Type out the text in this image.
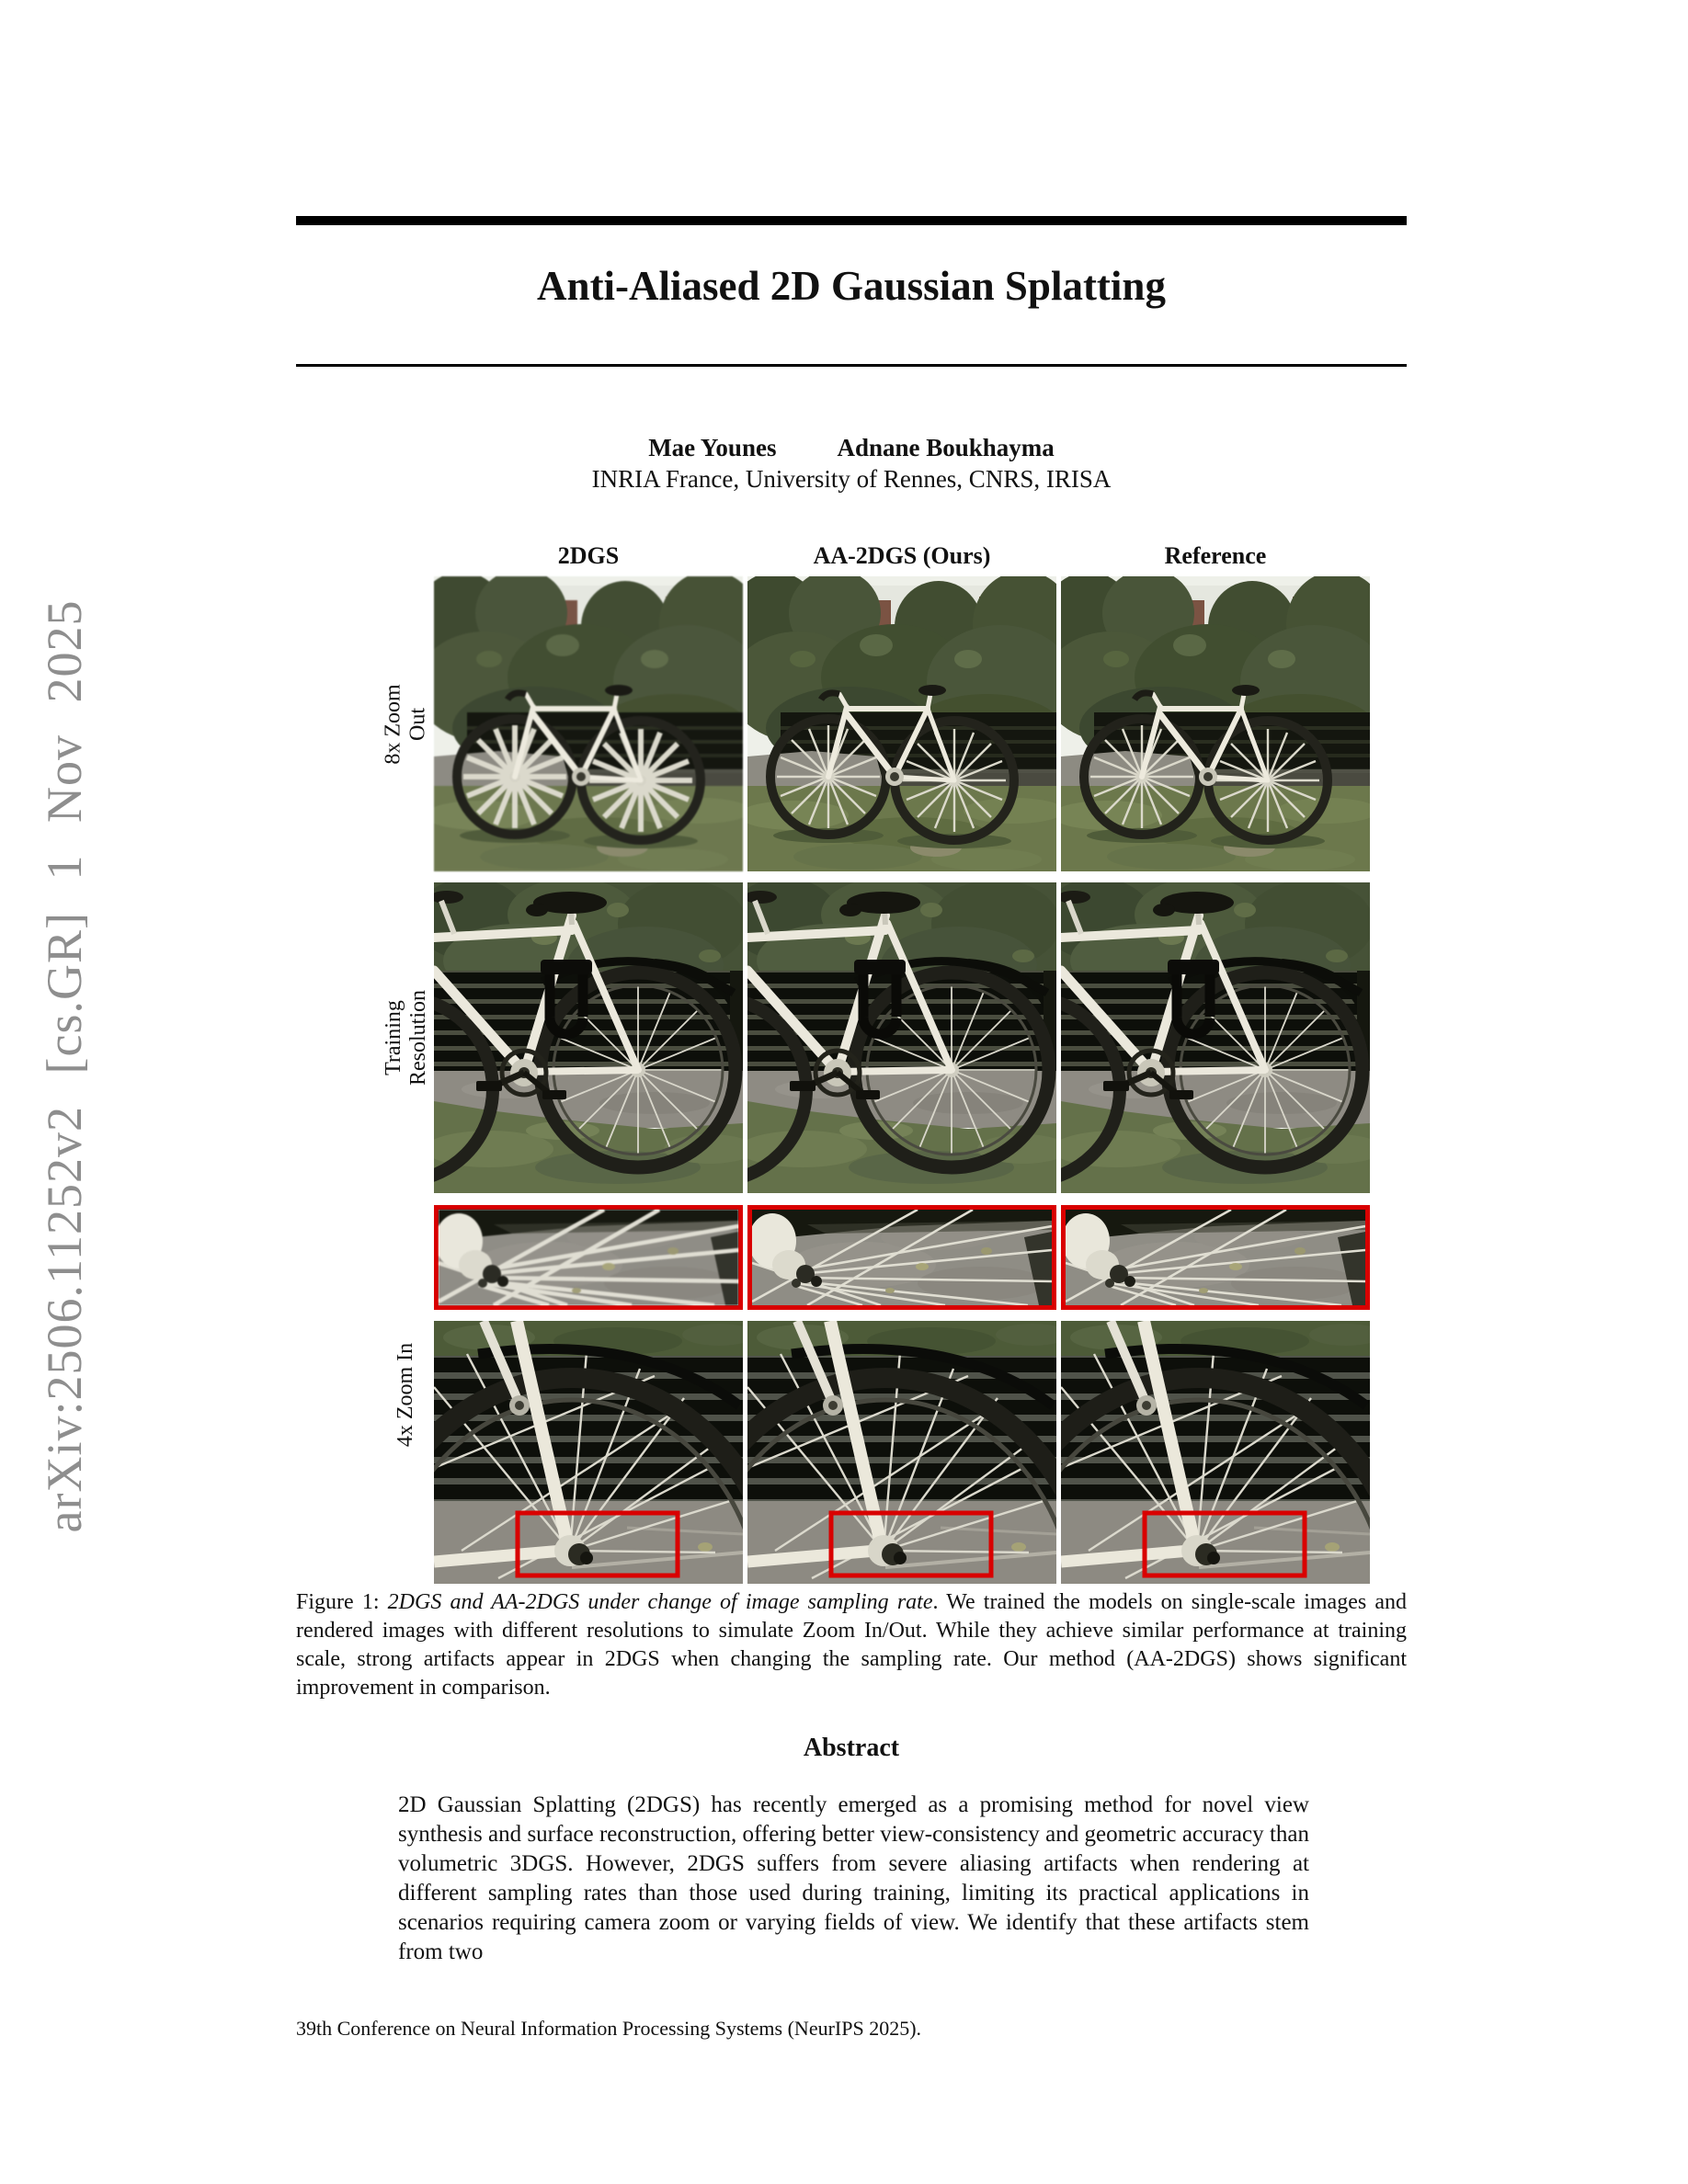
arXiv:2506.11252v2 [cs.GR] 1 Nov 2025
Anti-Aliased 2D Gaussian Splatting
Mae Younes Adnane Boukhayma
INRIA France, University of Rennes, CNRS, IRISA
2DGS	AA-2DGS (Ours)	Reference
8x Zoom Out
Training Resolution
4x Zoom In
Figure 1: 2DGS and AA-2DGS under change of image sampling rate. We trained the models on single-scale images and rendered images with different resolutions to simulate Zoom In/Out. While they achieve similar performance at training scale, strong artifacts appear in 2DGS when changing the sampling rate. Our method (AA-2DGS) shows significant improvement in comparison.
Abstract
2D Gaussian Splatting (2DGS) has recently emerged as a promising method for novel view synthesis and surface reconstruction, offering better view-consistency and geometric accuracy than volumetric 3DGS. However, 2DGS suffers from severe aliasing artifacts when rendering at different sampling rates than those used during training, limiting its practical applications in scenarios requiring camera zoom or varying fields of view. We identify that these artifacts stem from two
39th Conference on Neural Information Processing Systems (NeurIPS 2025).
